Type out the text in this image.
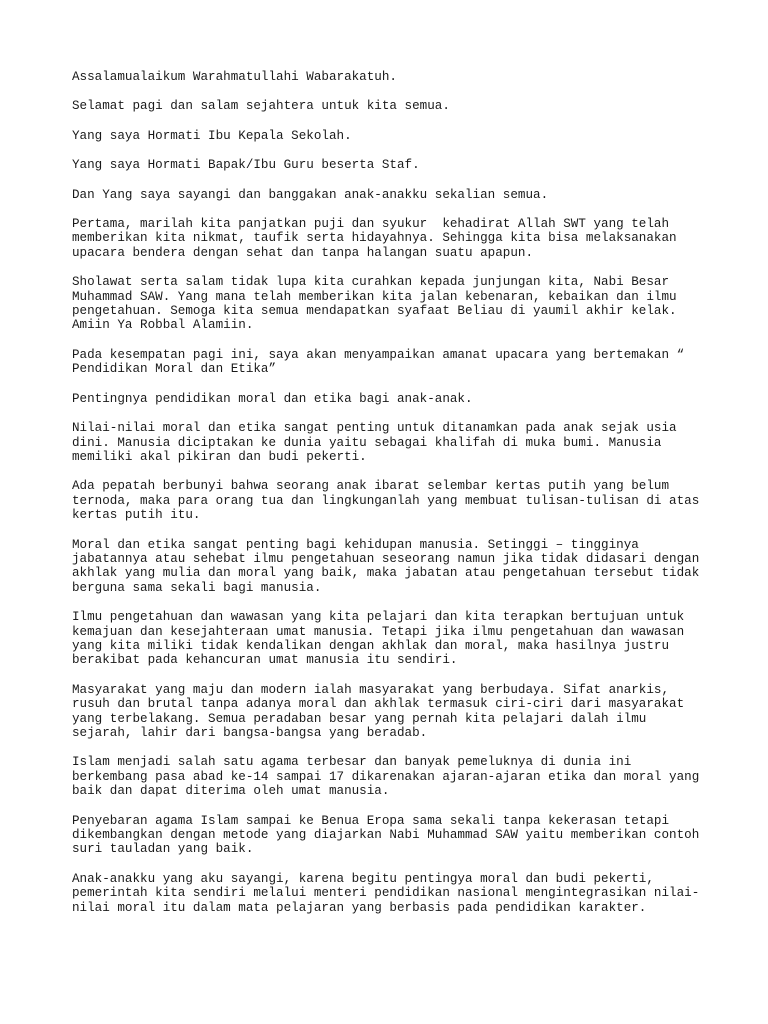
Assalamualaikum Warahmatullahi Wabarakatuh.

Selamat pagi dan salam sejahtera untuk kita semua.

Yang saya Hormati Ibu Kepala Sekolah.

Yang saya Hormati Bapak/Ibu Guru beserta Staf.

Dan Yang saya sayangi dan banggakan anak-anakku sekalian semua.

Pertama, marilah kita panjatkan puji dan syukur  kehadirat Allah SWT yang telah
memberikan kita nikmat, taufik serta hidayahnya. Sehingga kita bisa melaksanakan
upacara bendera dengan sehat dan tanpa halangan suatu apapun.

Sholawat serta salam tidak lupa kita curahkan kepada junjungan kita, Nabi Besar
Muhammad SAW. Yang mana telah memberikan kita jalan kebenaran, kebaikan dan ilmu
pengetahuan. Semoga kita semua mendapatkan syafaat Beliau di yaumil akhir kelak.
Amiin Ya Robbal Alamiin.

Pada kesempatan pagi ini, saya akan menyampaikan amanat upacara yang bertemakan “
Pendidikan Moral dan Etika”

Pentingnya pendidikan moral dan etika bagi anak-anak.

Nilai-nilai moral dan etika sangat penting untuk ditanamkan pada anak sejak usia
dini. Manusia diciptakan ke dunia yaitu sebagai khalifah di muka bumi. Manusia
memiliki akal pikiran dan budi pekerti.

Ada pepatah berbunyi bahwa seorang anak ibarat selembar kertas putih yang belum
ternoda, maka para orang tua dan lingkunganlah yang membuat tulisan-tulisan di atas
kertas putih itu.

Moral dan etika sangat penting bagi kehidupan manusia. Setinggi – tingginya
jabatannya atau sehebat ilmu pengetahuan seseorang namun jika tidak didasari dengan
akhlak yang mulia dan moral yang baik, maka jabatan atau pengetahuan tersebut tidak
berguna sama sekali bagi manusia.

Ilmu pengetahuan dan wawasan yang kita pelajari dan kita terapkan bertujuan untuk
kemajuan dan kesejahteraan umat manusia. Tetapi jika ilmu pengetahuan dan wawasan
yang kita miliki tidak kendalikan dengan akhlak dan moral, maka hasilnya justru
berakibat pada kehancuran umat manusia itu sendiri.

Masyarakat yang maju dan modern ialah masyarakat yang berbudaya. Sifat anarkis,
rusuh dan brutal tanpa adanya moral dan akhlak termasuk ciri-ciri dari masyarakat
yang terbelakang. Semua peradaban besar yang pernah kita pelajari dalah ilmu
sejarah, lahir dari bangsa-bangsa yang beradab.

Islam menjadi salah satu agama terbesar dan banyak pemeluknya di dunia ini
berkembang pasa abad ke-14 sampai 17 dikarenakan ajaran-ajaran etika dan moral yang
baik dan dapat diterima oleh umat manusia.

Penyebaran agama Islam sampai ke Benua Eropa sama sekali tanpa kekerasan tetapi
dikembangkan dengan metode yang diajarkan Nabi Muhammad SAW yaitu memberikan contoh
suri tauladan yang baik.

Anak-anakku yang aku sayangi, karena begitu pentingya moral dan budi pekerti,
pemerintah kita sendiri melalui menteri pendidikan nasional mengintegrasikan nilai-
nilai moral itu dalam mata pelajaran yang berbasis pada pendidikan karakter.
